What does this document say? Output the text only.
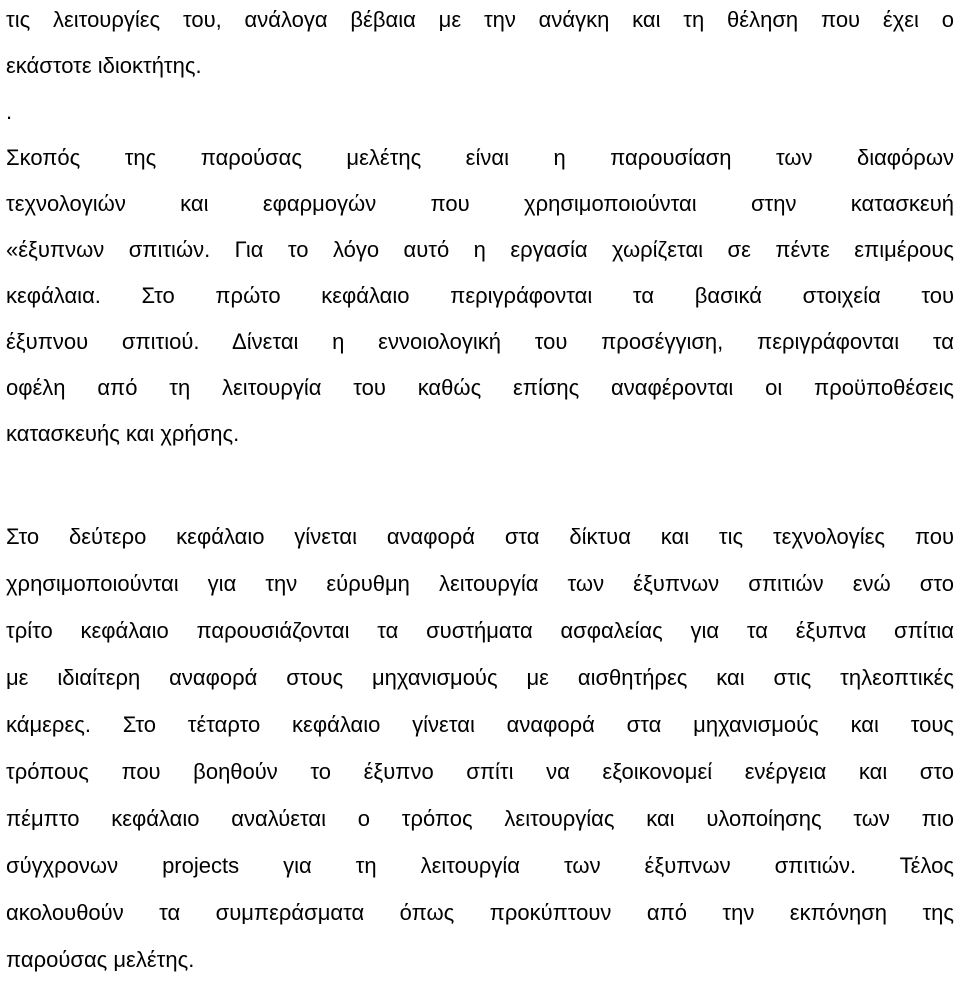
τις λειτουργίες του, ανάλογα βέβαια με την ανάγκη και τη θέληση που έχει ο
εκάστοτε ιδιοκτήτης.
.
Σκοπός της παρούσας μελέτης είναι η παρουσίαση των διαφόρων
τεχνολογιών και εφαρμογών που χρησιμοποιούνται στην κατασκευή
«έξυπνων σπιτιών. Για το λόγο αυτό η εργασία χωρίζεται σε πέντε επιμέρους
κεφάλαια. Στο πρώτο κεφάλαιο περιγράφονται τα βασικά στοιχεία του
έξυπνου σπιτιού. Δίνεται η εννοιολογική του προσέγγιση, περιγράφονται τα
οφέλη από τη λειτουργία του καθώς επίσης αναφέρονται οι προϋποθέσεις
κατασκευής και χρήσης.
Στο δεύτερο κεφάλαιο γίνεται αναφορά στα δίκτυα και τις τεχνολογίες που
χρησιμοποιούνται για την εύρυθμη λειτουργία των έξυπνων σπιτιών ενώ στο
τρίτο κεφάλαιο παρουσιάζονται τα συστήματα ασφαλείας για τα έξυπνα σπίτια
με ιδιαίτερη αναφορά στους μηχανισμούς με αισθητήρες και στις τηλεοπτικές
κάμερες. Στο τέταρτο κεφάλαιο γίνεται αναφορά στα μηχανισμούς και τους
τρόπους που βοηθούν το έξυπνο σπίτι να εξοικονομεί ενέργεια και στο
πέμπτο κεφάλαιο αναλύεται ο τρόπος λειτουργίας και υλοποίησης των πιο
σύγχρονων projects για τη λειτουργία των έξυπνων σπιτιών. Τέλος
ακολουθούν τα συμπεράσματα όπως προκύπτουν από την εκπόνηση της
παρούσας μελέτης.
